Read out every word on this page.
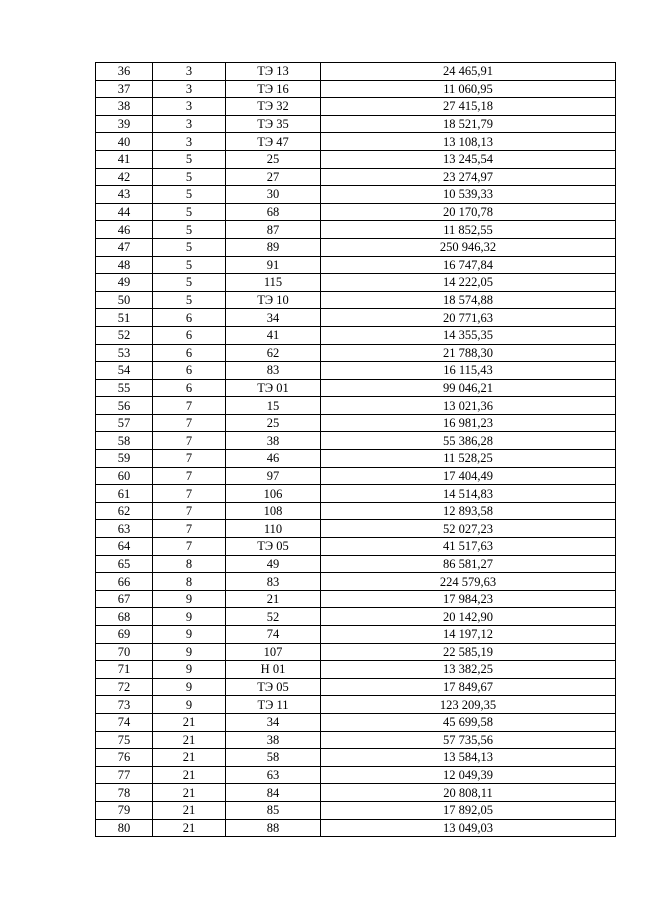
36	3	ТЭ 13	24 465,91
37	3	ТЭ 16	11 060,95
38	3	ТЭ 32	27 415,18
39	3	ТЭ 35	18 521,79
40	3	ТЭ 47	13 108,13
41	5	25	13 245,54
42	5	27	23 274,97
43	5	30	10 539,33
44	5	68	20 170,78
46	5	87	11 852,55
47	5	89	250 946,32
48	5	91	16 747,84
49	5	115	14 222,05
50	5	ТЭ 10	18 574,88
51	6	34	20 771,63
52	6	41	14 355,35
53	6	62	21 788,30
54	6	83	16 115,43
55	6	ТЭ 01	99 046,21
56	7	15	13 021,36
57	7	25	16 981,23
58	7	38	55 386,28
59	7	46	11 528,25
60	7	97	17 404,49
61	7	106	14 514,83
62	7	108	12 893,58
63	7	110	52 027,23
64	7	ТЭ 05	41 517,63
65	8	49	86 581,27
66	8	83	224 579,63
67	9	21	17 984,23
68	9	52	20 142,90
69	9	74	14 197,12
70	9	107	22 585,19
71	9	Н 01	13 382,25
72	9	ТЭ 05	17 849,67
73	9	ТЭ 11	123 209,35
74	21	34	45 699,58
75	21	38	57 735,56
76	21	58	13 584,13
77	21	63	12 049,39
78	21	84	20 808,11
79	21	85	17 892,05
80	21	88	13 049,03
